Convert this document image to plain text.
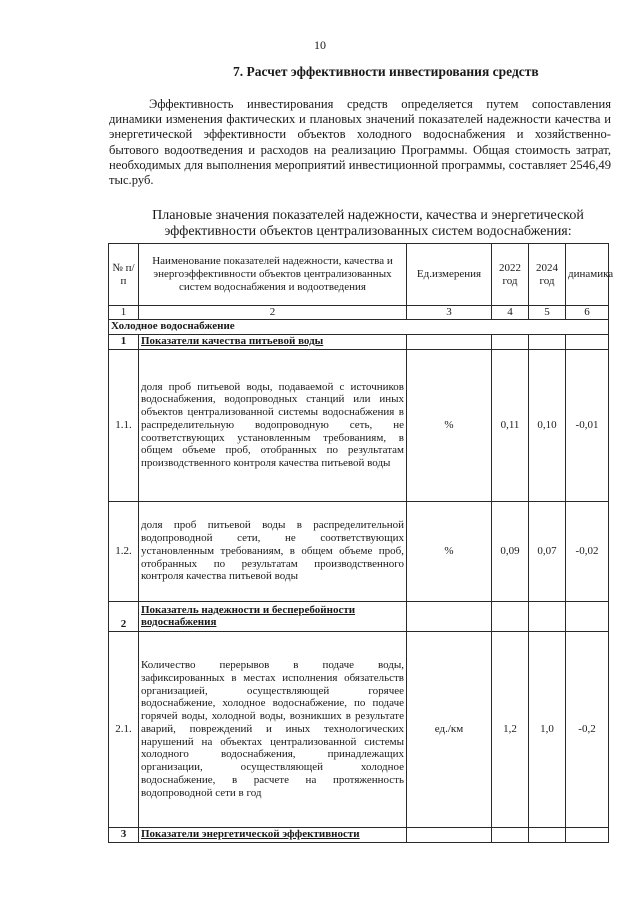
10
7. Расчет эффективности инвестирования средств

Эффективность инвестирования средств определяется путем сопоставления динамики изменения фактических и плановых значений показателей надежности качества и энергетической эффективности объектов холодного водоснабжения и хозяйственно-бытового водоотведения и расходов на реализацию Программы. Общая стоимость затрат, необходимых для выполнения мероприятий инвестиционной программы, составляет 2546,49 тыс.руб.

Плановые значения показателей надежности, качества и энергетической эффективности объектов централизованных систем водоснабжения:

№ п/п	Наименование показателей надежности, качества и энергоэффективности объектов централизованных систем водоснабжения и водоотведения	Ед.измерения	2022 год	2024 год	динамика
1	2	3	4	5	6
Холодное водоснабжение					
1	Показатели качества питьевой воды				
1.1.	доля проб питьевой воды, подаваемой с источников водоснабжения, водопроводных станций или иных объектов централизованной системы водоснабжения в распределительную водопроводную сеть, не соответствующих установленным требованиям, в общем объеме проб, отобранных по результатам производственного контроля качества питьевой воды	%	0,11	0,10	-0,01
1.2.	доля проб питьевой воды в распределительной водопроводной сети, не соответствующих установленным требованиям, в общем объеме проб, отобранных по результатам производственного контроля качества питьевой воды	%	0,09	0,07	-0,02
2	Показатель надежности и бесперебойности водоснабжения				
2.1.	Количество перерывов в подаче воды, зафиксированных в местах исполнения обязательств организацией, осуществляющей горячее водоснабжение, холодное водоснабжение, по подаче горячей воды, холодной воды, возникших в результате аварий, повреждений и иных технологических нарушений на объектах централизованной системы холодного водоснабжения, принадлежащих организации, осуществляющей холодное водоснабжение, в расчете на протяженность водопроводной сети в год	ед./км	1,2	1,0	-0,2
3	Показатели энергетической эффективности				
